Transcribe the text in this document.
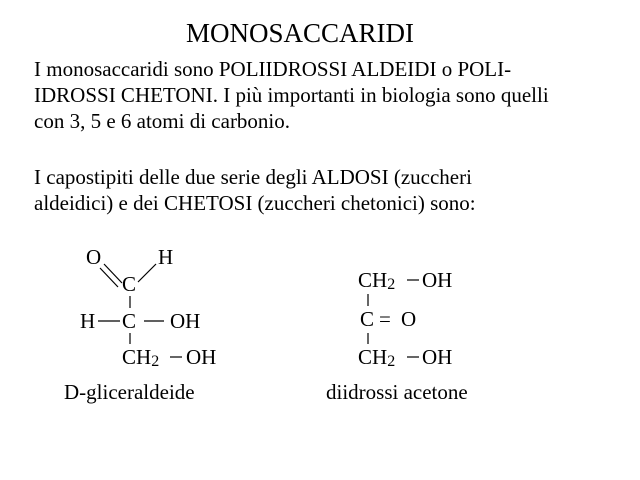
MONOSACCARIDI
I monosaccaridi sono POLIIDROSSI ALDEIDI o POLI-
IDROSSI CHETONI. I più importanti in biologia sono quelli
con 3, 5 e 6 atomi di carbonio.
I capostipiti delle due serie degli ALDOSI (zuccheri
aldeidici) e dei CHETOSI (zuccheri chetonici) sono:
O	H
C
H C OH
CH2 OH
D-gliceraldeide
CH2 OH
C = O
CH2 OH
diidrossi acetone
